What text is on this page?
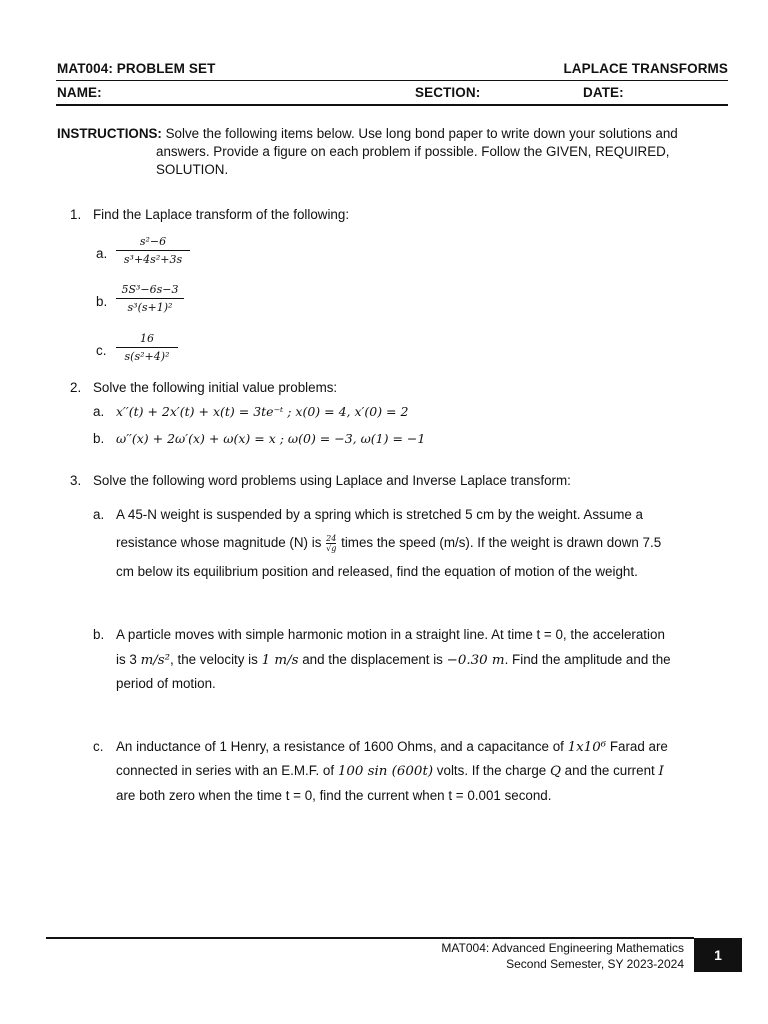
MAT004: PROBLEM SET	LAPLACE TRANSFORMS
NAME:	SECTION:	DATE:
INSTRUCTIONS: Solve the following items below. Use long bond paper to write down your solutions and
answers. Provide a figure on each problem if possible. Follow the GIVEN, REQUIRED,
SOLUTION.
1. Find the Laplace transform of the following:
a.
s²−6
s³+4s²+3s
b.
5S³−6s−3
s³(s+1)²
c.
16
s(s²+4)²
2. Solve the following initial value problems:
a. x′′(t) + 2x′(t) + x(t) = 3te⁻ᵗ ; x(0) = 4, x′(0) = 2
b. ω′′(x) + 2ω′(x) + ω(x) = x ; ω(0) = −3, ω(1) = −1
3. Solve the following word problems using Laplace and Inverse Laplace transform:
a. A 45-N weight is suspended by a spring which is stretched 5 cm by the weight. Assume a
resistance whose magnitude (N) is $\frac{24}{√g}$ times the speed (m/s). If the weight is drawn down 7.5
cm below its equilibrium position and released, find the equation of motion of the weight.
b. A particle moves with simple harmonic motion in a straight line. At time t = 0, the acceleration
is 3 m/s², the velocity is 1 m/s and the displacement is −0.30 m. Find the amplitude and the
period of motion.
c. An inductance of 1 Henry, a resistance of 1600 Ohms, and a capacitance of 1x10⁶ Farad are
connected in series with an E.M.F. of 100 sin (600t) volts. If the charge Q and the current I
are both zero when the time t = 0, find the current when t = 0.001 second.
MAT004: Advanced Engineering Mathematics
Second Semester, SY 2023-2024
1
